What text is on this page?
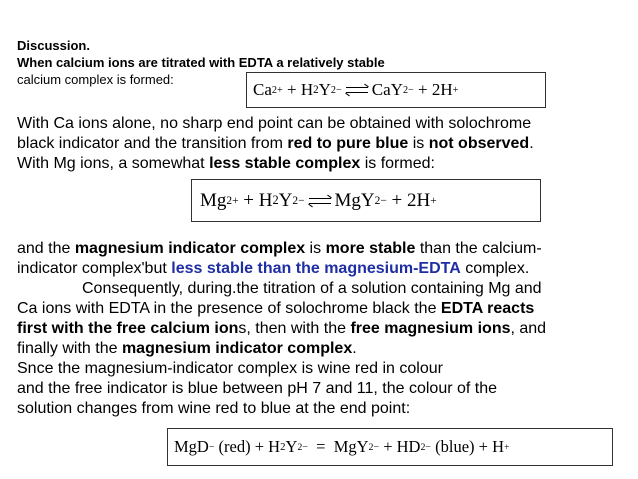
Discussion.
When calcium ions are titrated with EDTA a relatively stable
calcium complex is formed:
Ca 2+
+
H 2 Y 2− CaY 2−
+ 2H +
With Ca ions alone, no sharp end point can be obtained with solochrome
black indicator and the transition from red to pure blue is not observed.
With Mg ions, a somewhat less stable complex is formed:
Mg 2+
+
H 2 Y 2− MgY 2−
+ 2H +
and the magnesium indicator complex is more stable than the calcium-
indicator complex'but less stable than the magnesium-EDTA complex.
Consequently, during.the titration of a solution containing Mg and
Ca ions with EDTA in the presence of solochrome black the EDTA reacts
first with the free calcium ions, then with the free magnesium ions, and
finally with the magnesium indicator complex.
Snce the magnesium-indicator complex is wine red in colour
and the free indicator is blue between pH 7 and 11, the colour of the
solution changes from wine red to blue at the end point:
MgD −
(red)
+
H 2 Y 2−
=
MgY 2−
+
HD 2−
(blue)
+
H +
